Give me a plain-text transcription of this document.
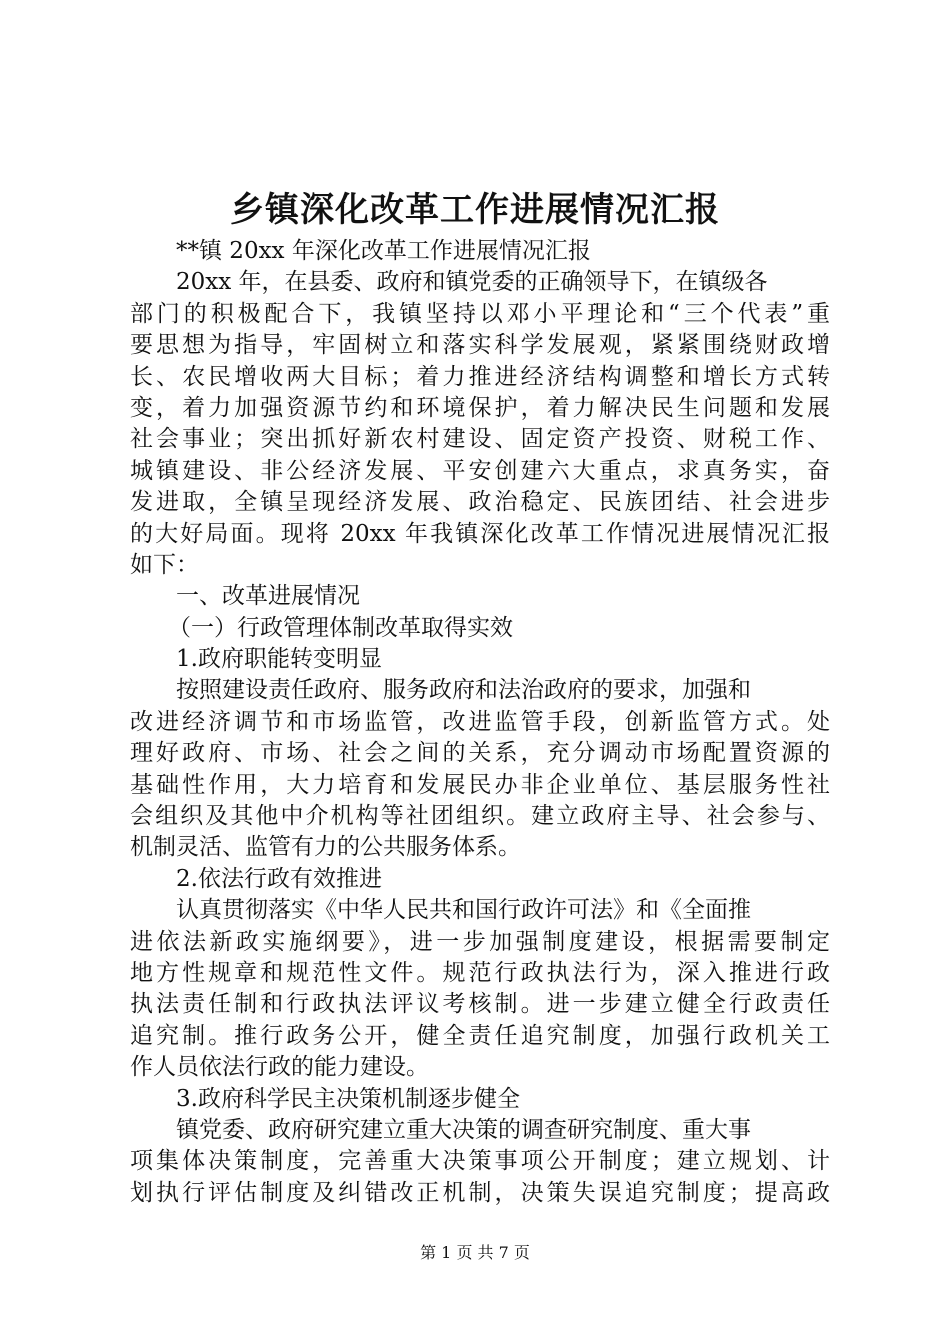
乡镇深化改革工作进展情况汇报
**镇 20xx 年深化改革工作进展情况汇报
20xx 年，在县委、政府和镇党委的正确领导下，在镇级各
部门的积极配合下，我镇坚持以邓小平理论和“三个代表”重
要思想为指导，牢固树立和落实科学发展观，紧紧围绕财政增
长、农民增收两大目标；着力推进经济结构调整和增长方式转
变，着力加强资源节约和环境保护，着力解决民生问题和发展
社会事业；突出抓好新农村建设、固定资产投资、财税工作、
城镇建设、非公经济发展、平安创建六大重点，求真务实，奋
发进取，全镇呈现经济发展、政治稳定、民族团结、社会进步
的大好局面。现将 20xx 年我镇深化改革工作情况进展情况汇报
如下：
一、改革进展情况
（一）行政管理体制改革取得实效
1.政府职能转变明显
按照建设责任政府、服务政府和法治政府的要求，加强和
改进经济调节和市场监管，改进监管手段，创新监管方式。处
理好政府、市场、社会之间的关系，充分调动市场配置资源的
基础性作用，大力培育和发展民办非企业单位、基层服务性社
会组织及其他中介机构等社团组织。建立政府主导、社会参与、
机制灵活、监管有力的公共服务体系。
2.依法行政有效推进
认真贯彻落实《中华人民共和国行政许可法》和《全面推
进依法新政实施纲要》，进一步加强制度建设，根据需要制定
地方性规章和规范性文件。规范行政执法行为，深入推进行政
执法责任制和行政执法评议考核制。进一步建立健全行政责任
追究制。推行政务公开，健全责任追究制度，加强行政机关工
作人员依法行政的能力建设。
3.政府科学民主决策机制逐步健全
镇党委、政府研究建立重大决策的调查研究制度、重大事
项集体决策制度，完善重大决策事项公开制度；建立规划、计
划执行评估制度及纠错改正机制，决策失误追究制度；提高政
第 1 页 共 7 页
